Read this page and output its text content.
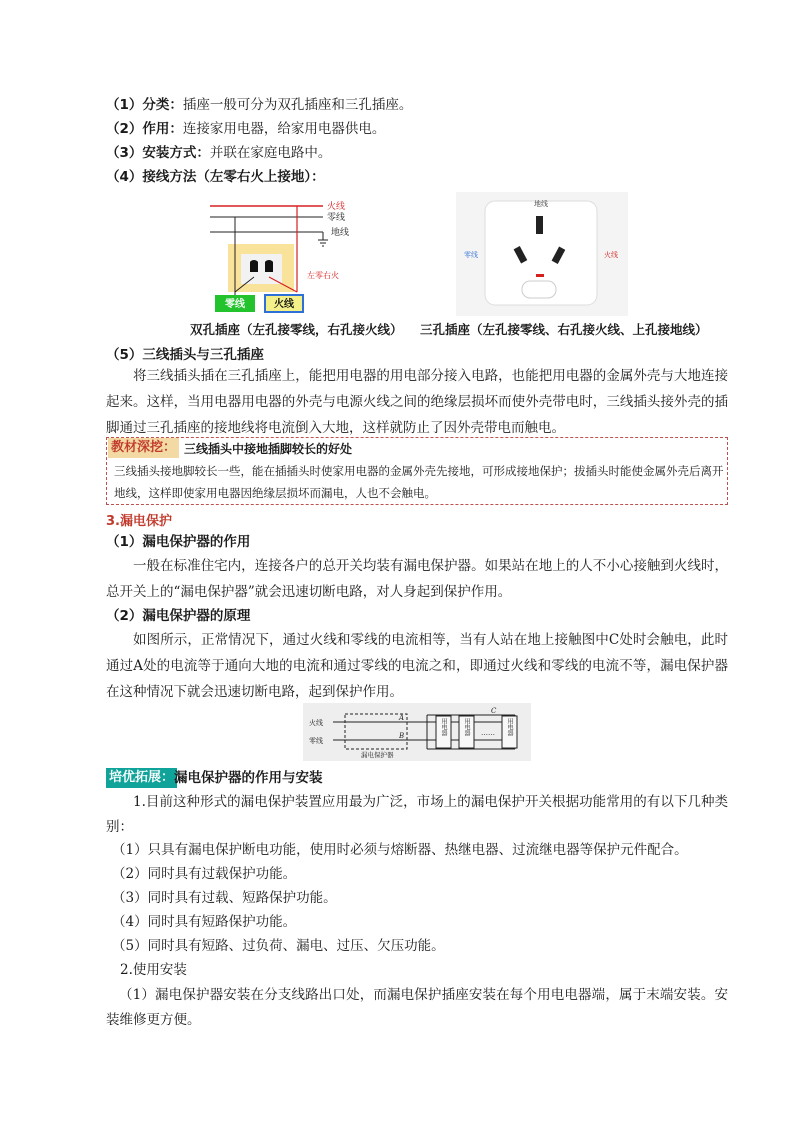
（1）分类：插座一般可分为双孔插座和三孔插座。
（2）作用：连接家用电器，给家用电器供电。
（3）安装方式：并联在家庭电路中。
（4）接线方法（左零右火上接地）：
火线
零线
地线
零线	火线
左零右火
地线
零线	火线
双孔插座（左孔接零线，右孔接火线） 三孔插座（左孔接零线、右孔接火线、上孔接地线）
（5）三线插头与三孔插座
将三线插头插在三孔插座上，能把用电器的用电部分接入电路，也能把用电器的金属外壳与大地连接起来。这样，当用电器用电器的外壳与电源火线之间的绝缘层损坏而使外壳带电时，三线插头接外壳的插脚通过三孔插座的接地线将电流倒入大地，这样就防止了因外壳带电而触电。
教材深挖： 三线插头中接地插脚较长的好处
三线插头接地脚较长一些，能在插插头时使家用电器的金属外壳先接地，可形成接地保护；拔插头时能使金属外壳后离开地线，这样即使家用电器因绝缘层损坏而漏电，人也不会触电。
3.漏电保护
（1）漏电保护器的作用
一般在标准住宅内，连接各户的总开关均装有漏电保护器。如果站在地上的人不小心接触到火线时，总开关上的“漏电保护器”就会迅速切断电路，对人身起到保护作用。
（2）漏电保护器的原理
如图所示，正常情况下，通过火线和零线的电流相等，当有人站在地上接触图中C处时会触电，此时通过A处的电流等于通向大地的电流和通过零线的电流之和，即通过火线和零线的电流不等，漏电保护器在这种情况下就会迅速切断电路，起到保护作用。
火线
零线
A
B
漏电保护器
用电器	用电器	用电器
……
C
培优拓展： 漏电保护器的作用与安装
1.目前这种形式的漏电保护装置应用最为广泛，市场上的漏电保护开关根据功能常用的有以下几种类别：
（1）只具有漏电保护断电功能，使用时必须与熔断器、热继电器、过流继电器等保护元件配合。
（2）同时具有过载保护功能。
（3）同时具有过载、短路保护功能。
（4）同时具有短路保护功能。
（5）同时具有短路、过负荷、漏电、过压、欠压功能。
2.使用安装
（1）漏电保护器安装在分支线路出口处，而漏电保护插座安装在每个用电电器端，属于末端安装。安装维修更方便。
